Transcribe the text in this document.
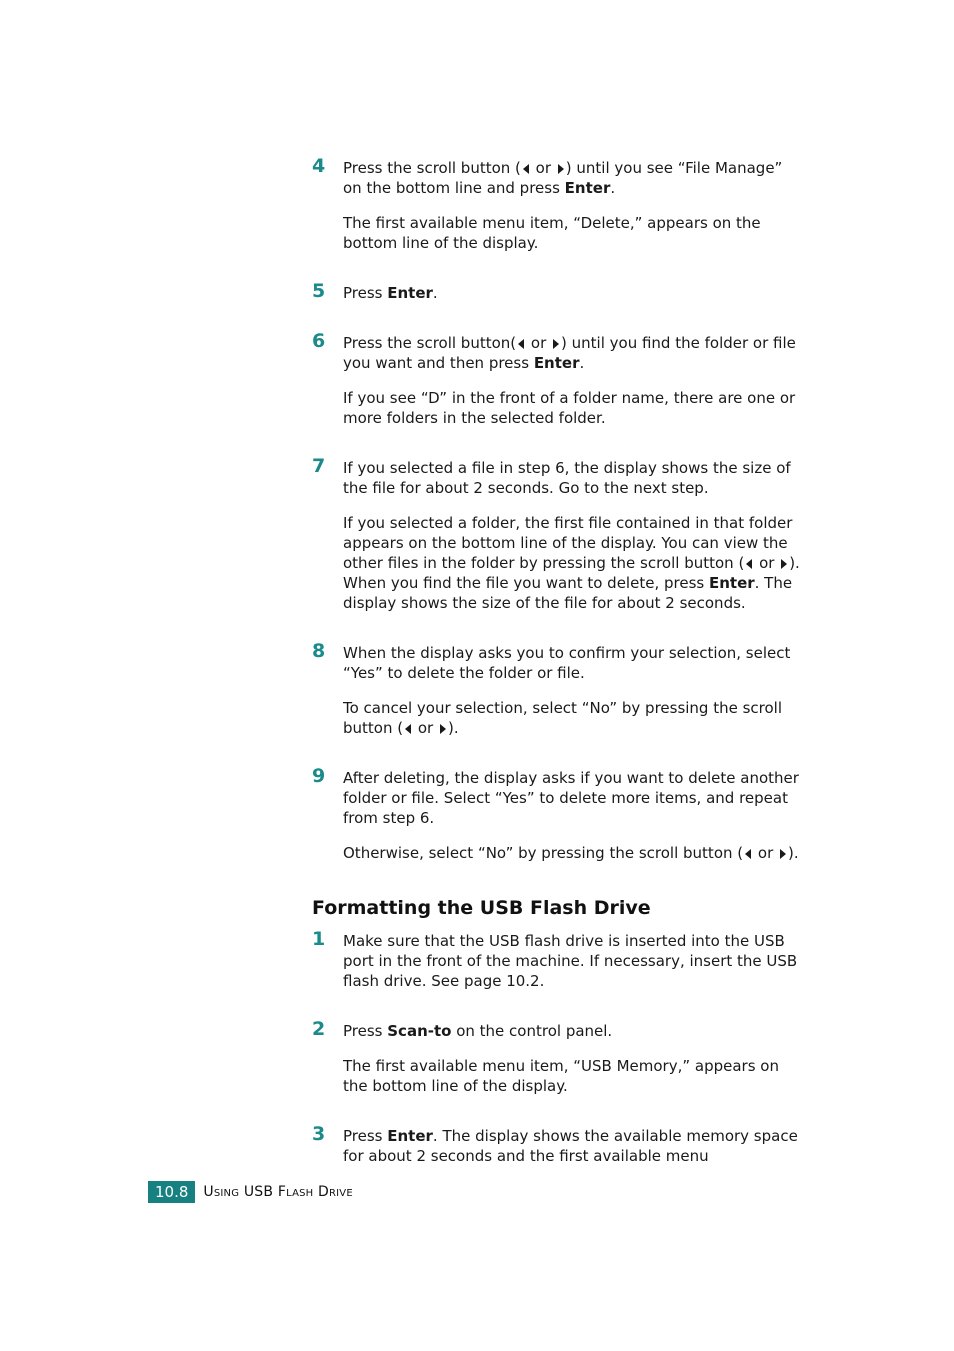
4 Press the scroll button ( or ) until you see “File Manage” on the bottom line and press Enter.

The first available menu item, “Delete,” appears on the bottom line of the display.

5 Press Enter.

6 Press the scroll button( or ) until you find the folder or file you want and then press Enter.

If you see “D” in the front of a folder name, there are one or more folders in the selected folder.

7 If you selected a file in step 6, the display shows the size of the file for about 2 seconds. Go to the next step.

If you selected a folder, the first file contained in that folder appears on the bottom line of the display. You can view the other files in the folder by pressing the scroll button ( or ). When you find the file you want to delete, press Enter. The display shows the size of the file for about 2 seconds.

8 When the display asks you to confirm your selection, select “Yes” to delete the folder or file.

To cancel your selection, select “No” by pressing the scroll button ( or ).

9 After deleting, the display asks if you want to delete another folder or file. Select “Yes” to delete more items, and repeat from step 6.

Otherwise, select “No” by pressing the scroll button ( or ).

Formatting the USB Flash Drive
1 Make sure that the USB flash drive is inserted into the USB port in the front of the machine. If necessary, insert the USB flash drive. See page 10.2.

2 Press Scan-to on the control panel.

The first available menu item, “USB Memory,” appears on the bottom line of the display.

3 Press Enter. The display shows the available memory space for about 2 seconds and the first available menu

10.8	Using USB Flash Drive
